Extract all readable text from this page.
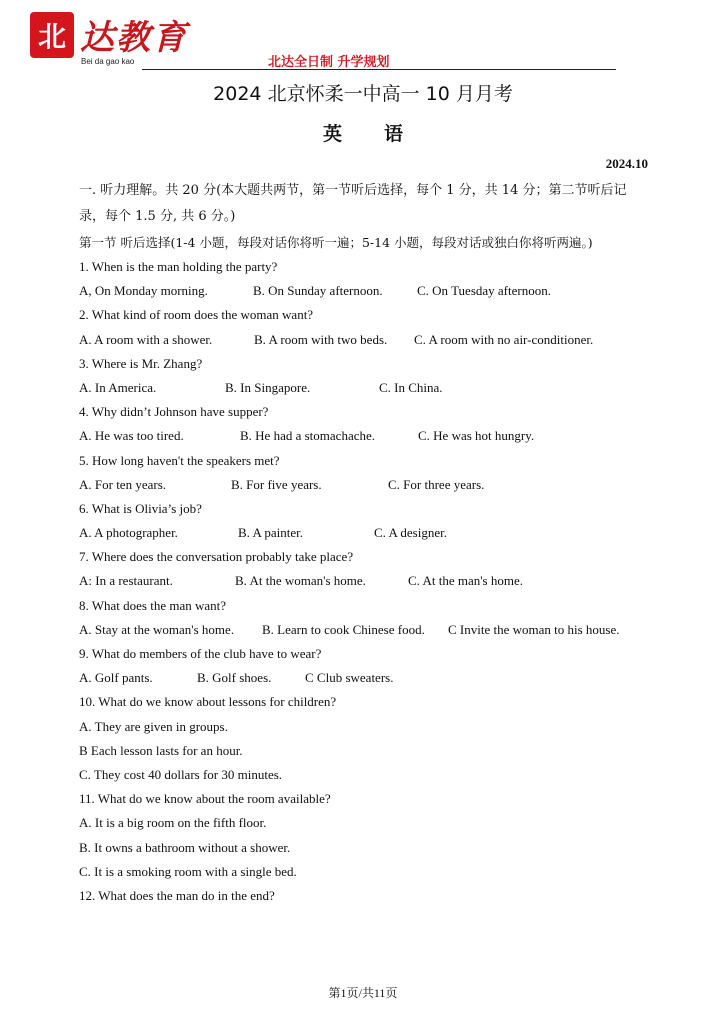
北 达教育
Bei da gao kao	北达全日制 升学规划
2024 北京怀柔一中高一 10 月月考
英语
2024.10

一. 听力理解。共 20 分(本大题共两节，第一节听后选择，每个 1 分，共 14 分；第二节听后记录，每个 1.5 分, 共 6 分。)

第一节 听后选择(1-4 小题，每段对话你将听一遍；5-14 小题，每段对话或独白你将听两遍。)

1. When is the man holding the party?
A, On Monday morning.	B. On Sunday afternoon.	C. On Tuesday afternoon.
2. What kind of room does the woman want?
A. A room with a shower.	B. A room with two beds.	C. A room with no air-conditioner.
3. Where is Mr. Zhang?
A. In America.	B. In Singapore.	C. In China.
4. Why didn’t Johnson have supper?
A. He was too tired.	B. He had a stomachache.	C. He was hot hungry.
5. How long haven't the speakers met?
A. For ten years.	B. For five years.	C. For three years.
6. What is Olivia’s job?
A. A photographer.	B. A painter.	C. A designer.
7. Where does the conversation probably take place?
A: In a restaurant.	B. At the woman's home.	C. At the man's home.
8. What does the man want?
A. Stay at the woman's home.	B. Learn to cook Chinese food.	C Invite the woman to his house.
9. What do members of the club have to wear?
A. Golf pants.	B. Golf shoes.	C Club sweaters.
10. What do we know about lessons for children?
A. They are given in groups.
B Each lesson lasts for an hour.
C. They cost 40 dollars for 30 minutes.
11. What do we know about the room available?
A. It is a big room on the fifth floor.
B. It owns a bathroom without a shower.
C. It is a smoking room with a single bed.
12. What does the man do in the end?
第1页/共11页
